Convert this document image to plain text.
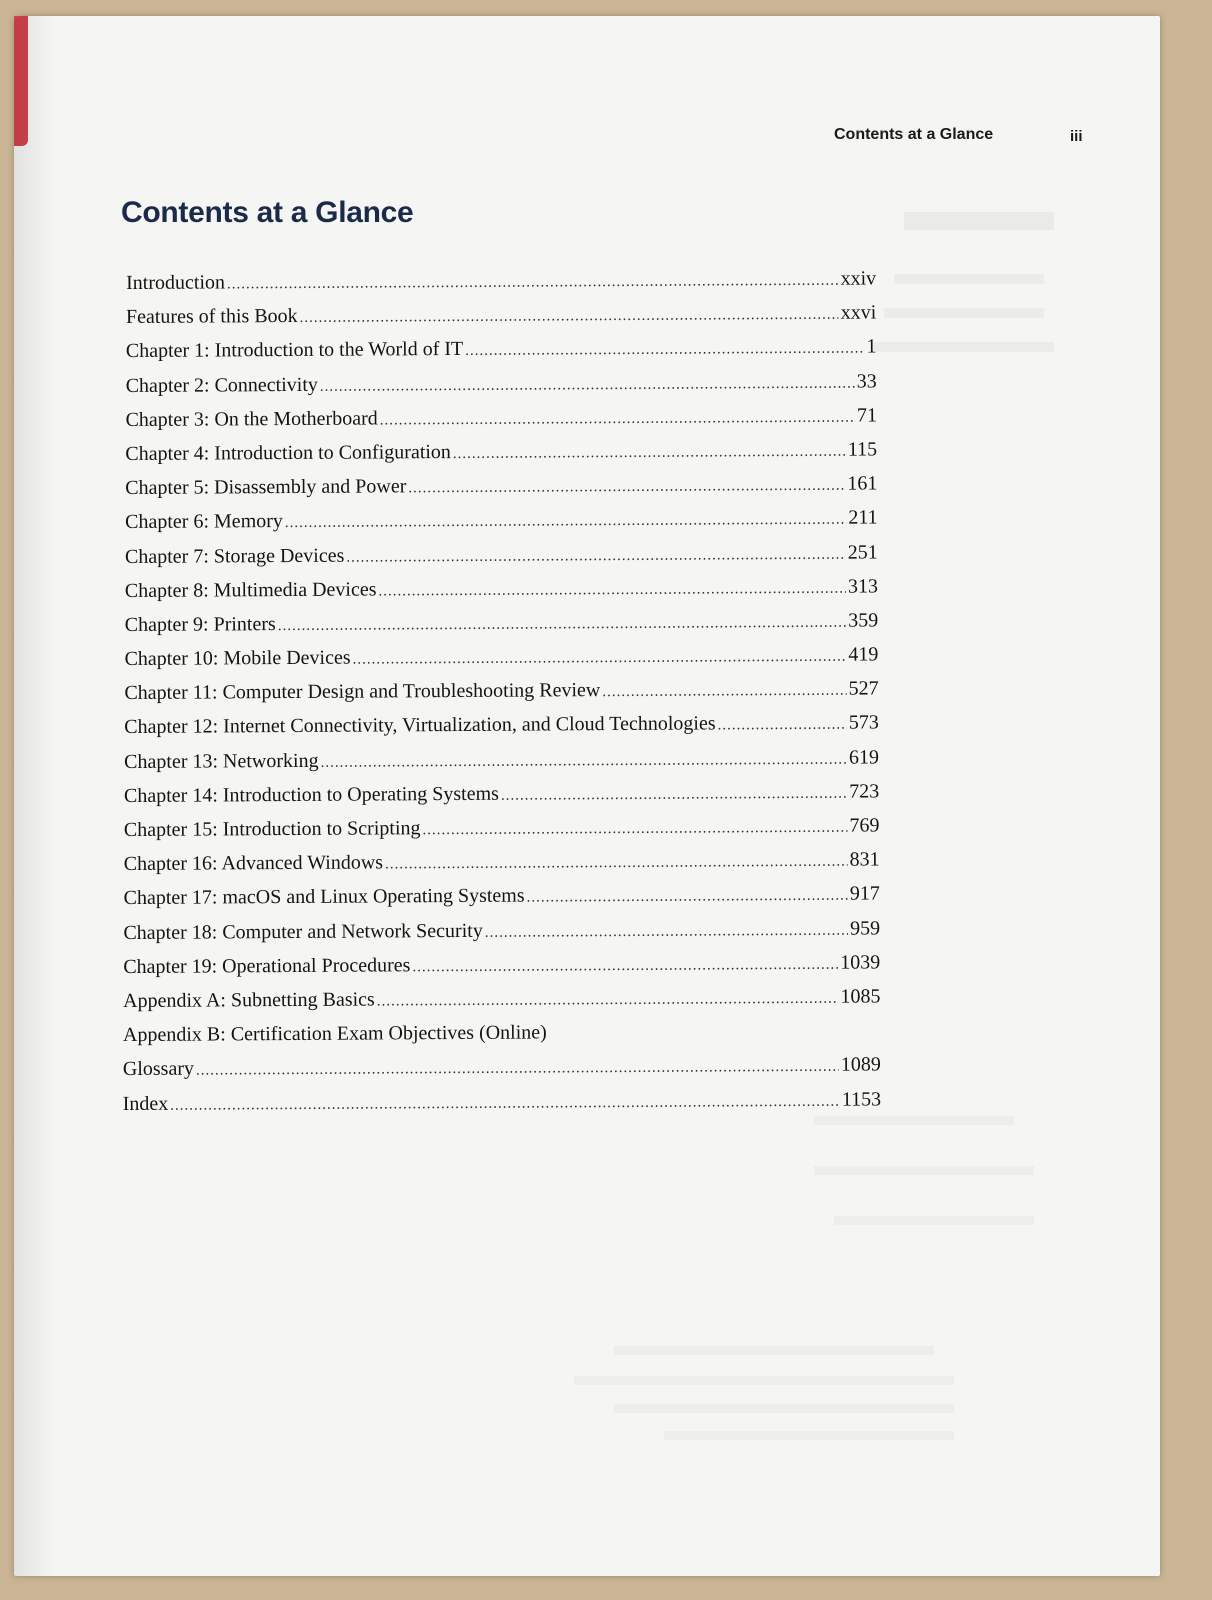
Contents at a Glance	iii
Contents at a Glance
Introduction .....	xxiv
Features of this Book .....	xxvi
Chapter 1: Introduction to the World of IT .....	1
Chapter 2: Connectivity .....	33
Chapter 3: On the Motherboard .....	71
Chapter 4: Introduction to Configuration .....	115
Chapter 5: Disassembly and Power .....	161
Chapter 6: Memory .....	211
Chapter 7: Storage Devices .....	251
Chapter 8: Multimedia Devices .....	313
Chapter 9: Printers .....	359
Chapter 10: Mobile Devices .....	419
Chapter 11: Computer Design and Troubleshooting Review .....	527
Chapter 12: Internet Connectivity, Virtualization, and Cloud Technologies .....	573
Chapter 13: Networking .....	619
Chapter 14: Introduction to Operating Systems .....	723
Chapter 15: Introduction to Scripting .....	769
Chapter 16: Advanced Windows .....	831
Chapter 17: macOS and Linux Operating Systems .....	917
Chapter 18: Computer and Network Security .....	959
Chapter 19: Operational Procedures .....	1039
Appendix A: Subnetting Basics .....	1085
Appendix B: Certification Exam Objectives (Online)
Glossary .....	1089
Index .....	1153
